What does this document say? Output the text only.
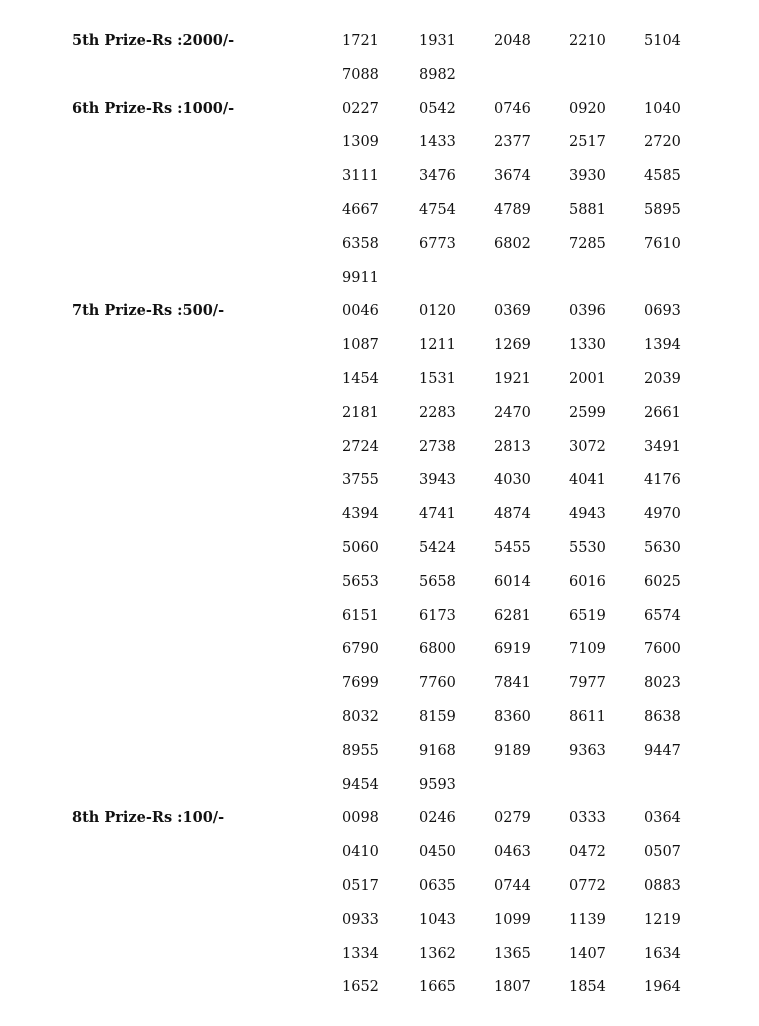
5th Prize-Rs :2000/-	1721	1931	2048	2210	5104
7088	8982
6th Prize-Rs :1000/-	0227	0542	0746	0920	1040
1309	1433	2377	2517	2720
3111	3476	3674	3930	4585
4667	4754	4789	5881	5895
6358	6773	6802	7285	7610
9911
7th Prize-Rs :500/-	0046	0120	0369	0396	0693
1087	1211	1269	1330	1394
1454	1531	1921	2001	2039
2181	2283	2470	2599	2661
2724	2738	2813	3072	3491
3755	3943	4030	4041	4176
4394	4741	4874	4943	4970
5060	5424	5455	5530	5630
5653	5658	6014	6016	6025
6151	6173	6281	6519	6574
6790	6800	6919	7109	7600
7699	7760	7841	7977	8023
8032	8159	8360	8611	8638
8955	9168	9189	9363	9447
9454	9593
8th Prize-Rs :100/-	0098	0246	0279	0333	0364
0410	0450	0463	0472	0507
0517	0635	0744	0772	0883
0933	1043	1099	1139	1219
1334	1362	1365	1407	1634
1652	1665	1807	1854	1964
